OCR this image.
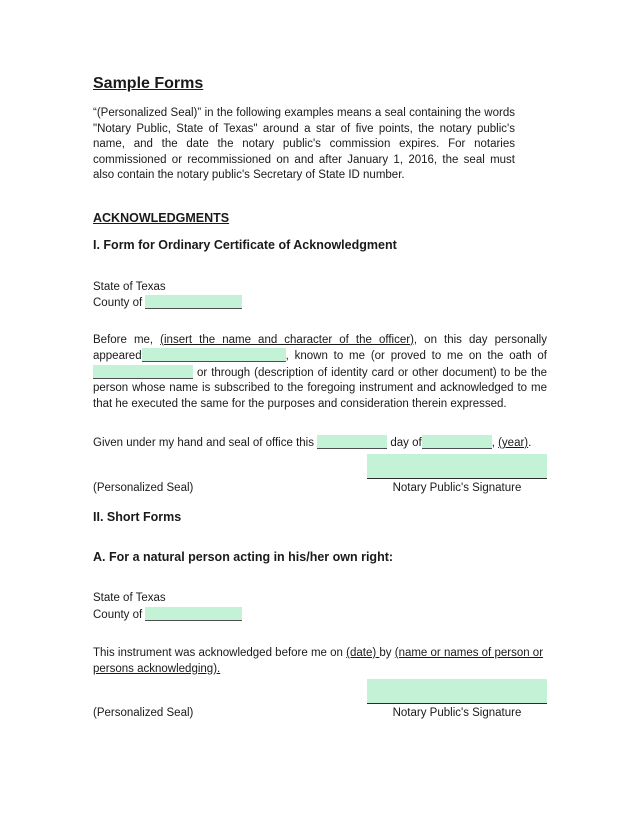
Sample Forms

“(Personalized Seal)” in the following examples means a seal containing the words "Notary Public, State of Texas" around a star of five points, the notary public's name, and the date the notary public's commission expires. For notaries commissioned or recommissioned on and after January 1, 2016, the seal must also contain the notary public's Secretary of State ID number.

ACKNOWLEDGMENTS
I. Form for Ordinary Certificate of Acknowledgment
State of Texas
County of

Before me, (insert the name and character of the officer), on this day personally appeared	, known to me (or proved to me on the oath of  or through (description of identity card or other document) to be the person whose name is subscribed to the foregoing instrument and acknowledged to me that he executed the same for the purposes and consideration therein expressed.

Given under my hand and seal of office this	day of	, (year).

(Personalized Seal)	Notary Public's Signature
II. Short Forms
A. For a natural person acting in his/her own right:
State of Texas
County of

This instrument was acknowledged before me on (date) by (name or names of person or persons acknowledging).

(Personalized Seal)	Notary Public's Signature
